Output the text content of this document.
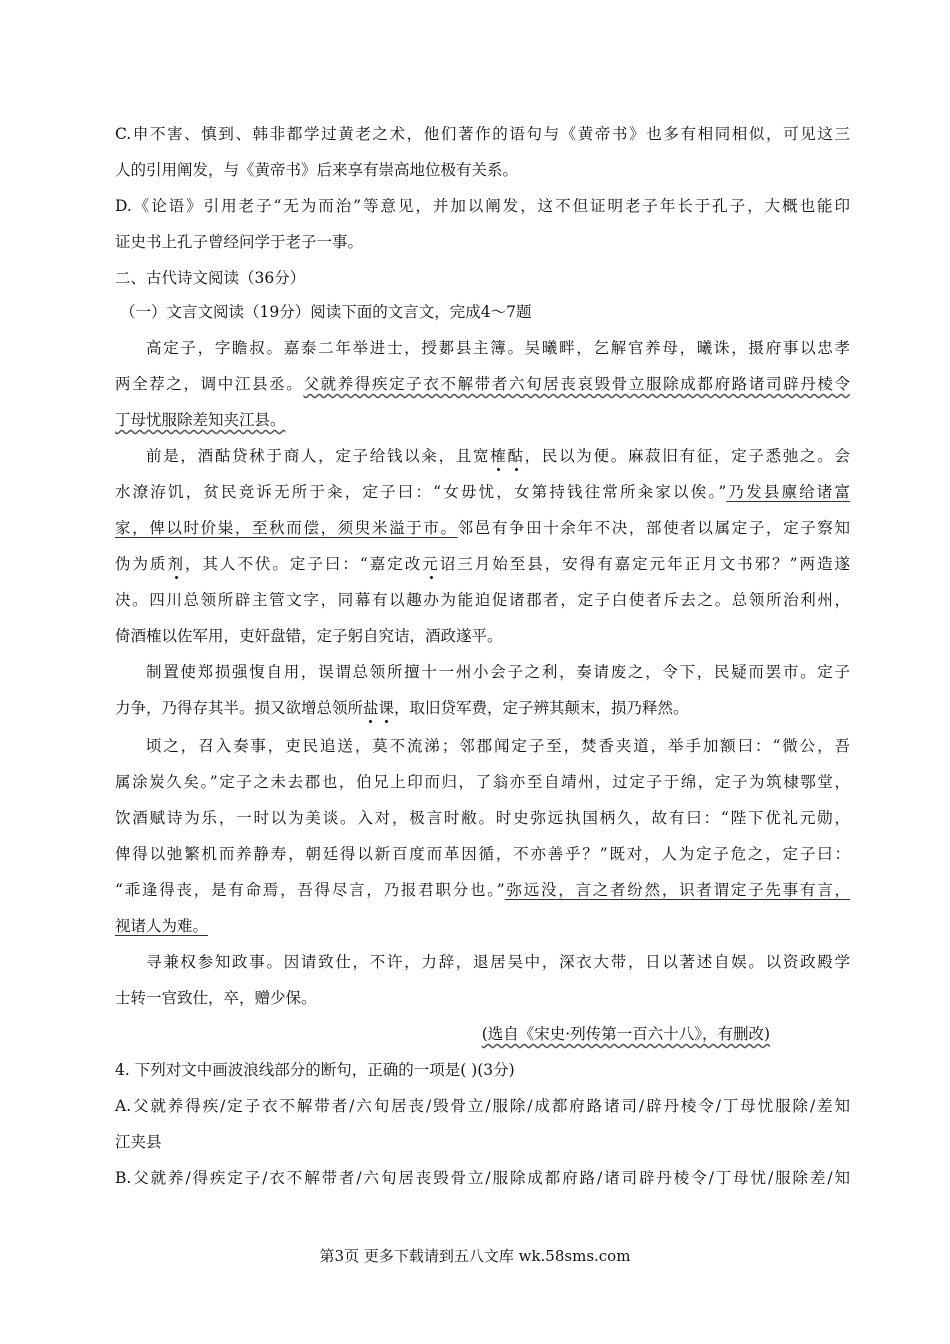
C.申不害、慎到、韩非都学过黄老之术，他们著作的语句与《黄帝书》也多有相同相似，可见这三
人的引用阐发，与《黄帝书》后来享有崇高地位极有关系。
D.《论语》引用老子“无为而治”等意见，并加以阐发，这不但证明老子年长于孔子，大概也能印
证史书上孔子曾经问学于老子一事。
二、古代诗文阅读（36分）
（一）文言文阅读（19分）阅读下面的文言文，完成4～7题
高定子，字瞻叔。嘉泰二年举进士，授郪县主簿。吴曦畔，乞解官养母，曦诛，摄府事以忠孝
两全荐之，调中江县丞。父就养得疾定子衣不解带者六旬居丧哀毁骨立服除成都府路诸司辟丹棱令
丁母忧服除差知夹江县。
前是，酒酤贷秫于商人，定子给钱以籴，且宽榷酤，民以为便。麻菽旧有征，定子悉弛之。会
水潦洊饥，贫民竞诉无所于籴，定子曰：“女毋忧，女第持钱往常所籴家以俟。”乃发县廪给诸富
家，俾以时价粜，至秋而偿，须臾米溢于市。邻邑有争田十余年不决，部使者以属定子，定子察知
伪为质剂，其人不伏。定子曰：“嘉定改元诏三月始至县，安得有嘉定元年正月文书邪？”两造遂
决。四川总领所辟主管文字，同幕有以趣办为能迫促诸郡者，定子白使者斥去之。总领所治利州，
倚酒榷以佐军用，吏奸盘错，定子躬自究诘，酒政遂平。
制置使郑损强愎自用，误谓总领所擅十一州小会子之利，奏请废之，令下，民疑而罢市。定子
力争，乃得存其半。损又欲增总领所盐课，取旧贷军费，定子辨其颠末，损乃释然。
顷之，召入奏事，吏民追送，莫不流涕；邻郡闻定子至，焚香夹道，举手加额曰：“微公，吾
属涂炭久矣。”定子之未去郡也，伯兄上印而归，了翁亦至自靖州，过定子于绵，定子为筑棣鄂堂，
饮酒赋诗为乐，一时以为美谈。入对，极言时敝。时史弥远执国柄久，故有曰：“陛下优礼元勋，
俾得以弛繁机而养静寿，朝廷得以新百度而革因循，不亦善乎？”既对，人为定子危之，定子曰：
“乖逢得丧，是有命焉，吾得尽言，乃报君职分也。”弥远没，言之者纷然，识者谓定子先事有言，
视诸人为难。
寻兼权参知政事。因请致仕，不许，力辞，退居吴中，深衣大带，日以著述自娱。以资政殿学
士转一官致仕，卒，赠少保。
(选自《宋史·列传第一百六十八》，有删改)
4. 下列对文中画波浪线部分的断句，正确的一项是( )(3分)
A.父就养得疾/定子衣不解带者/六旬居丧/毁骨立/服除/成都府路诸司/辟丹棱令/丁母忧服除/差知
江夹县
B.父就养/得疾定子/衣不解带者/六旬居丧毁骨立/服除成都府路/诸司辟丹棱令/丁母忧/服除差/知
第3页 更多下载请到五八文库 wk.58sms.com
